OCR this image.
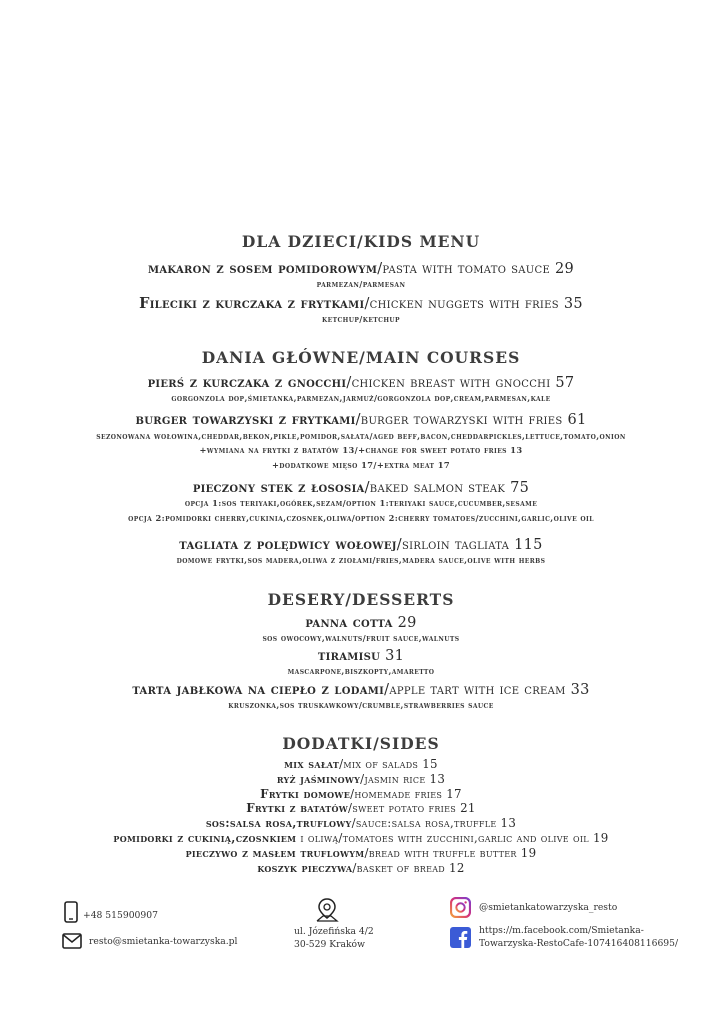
DLA DZIECI/KIDS MENU
makaron z sosem pomidorowym/pasta with tomato sauce 29
parmezan/parmesan
Fileciki z kurczaka z frytkami/chicken nuggets with fries 35
ketchup/ketchup
DANIA GŁÓWNE/MAIN COURSES
pierś z kurczaka z gnocchi/chicken breast with gnocchi 57
gorgonzola dop,śmietanka,parmezan,jarmuż/gorgonzola dop,cream,parmesan,kale
burger towarzyski z frytkami/burger towarzyski with fries 61
sezonowana wołowina,cheddar,bekon,pikle,pomidor,sałata/aged beff,bacon,cheddarpickles,lettuce,tomato,onion
+wymiana na frytki z batatów 13/+change for sweet potato fries 13
+dodatkowe mięso 17/+extra meat 17
pieczony stek z łososia/baked salmon steak 75
opcja 1:sos teriyaki,ogórek,sezam/option 1:teriyaki sauce,cucumber,sesame
opcja 2:pomidorki cherry,cukinia,czosnek,oliwa/option 2:cherry tomatoes/zucchini,garlic,olive oil
tagliata z polędwicy wołowej/sirloin tagliata 115
domowe frytki,sos madera,oliwa z ziołami/fries,madera sauce,olive with herbs
DESERY/DESSERTS
panna cotta 29
sos owocowy,walnuts/fruit sauce,walnuts
tiramisu 31
mascarpone,biszkopty,amaretto
tarta jabłkowa na ciepło z lodami/apple tart with ice cream 33
kruszonka,sos truskawkowy/crumble,strawberries sauce
DODATKI/SIDES
mix sałat/mix of salads 15
ryż jaśminowy/jasmin rice 13
Frytki domowe/homemade fries 17
Frytki z batatów/sweet potato fries 21
sos:salsa rosa,truflowy/sauce:salsa rosa,truffle 13
pomidorki z cukinią,czosnkiem i oliwą/tomatoes with zucchini,garlic and olive oil 19
pieczywo z masłem truflowym/bread with truffle butter 19
koszyk pieczywa/basket of bread 12
+48 515900907
resto@smietanka-towarzyska.pl
ul. Józefińska 4/2
30-529 Kraków
@smietankatowarzyska_resto
https://m.facebook.com/Smietanka-
Towarzyska-RestoCafe-107416408116695/
